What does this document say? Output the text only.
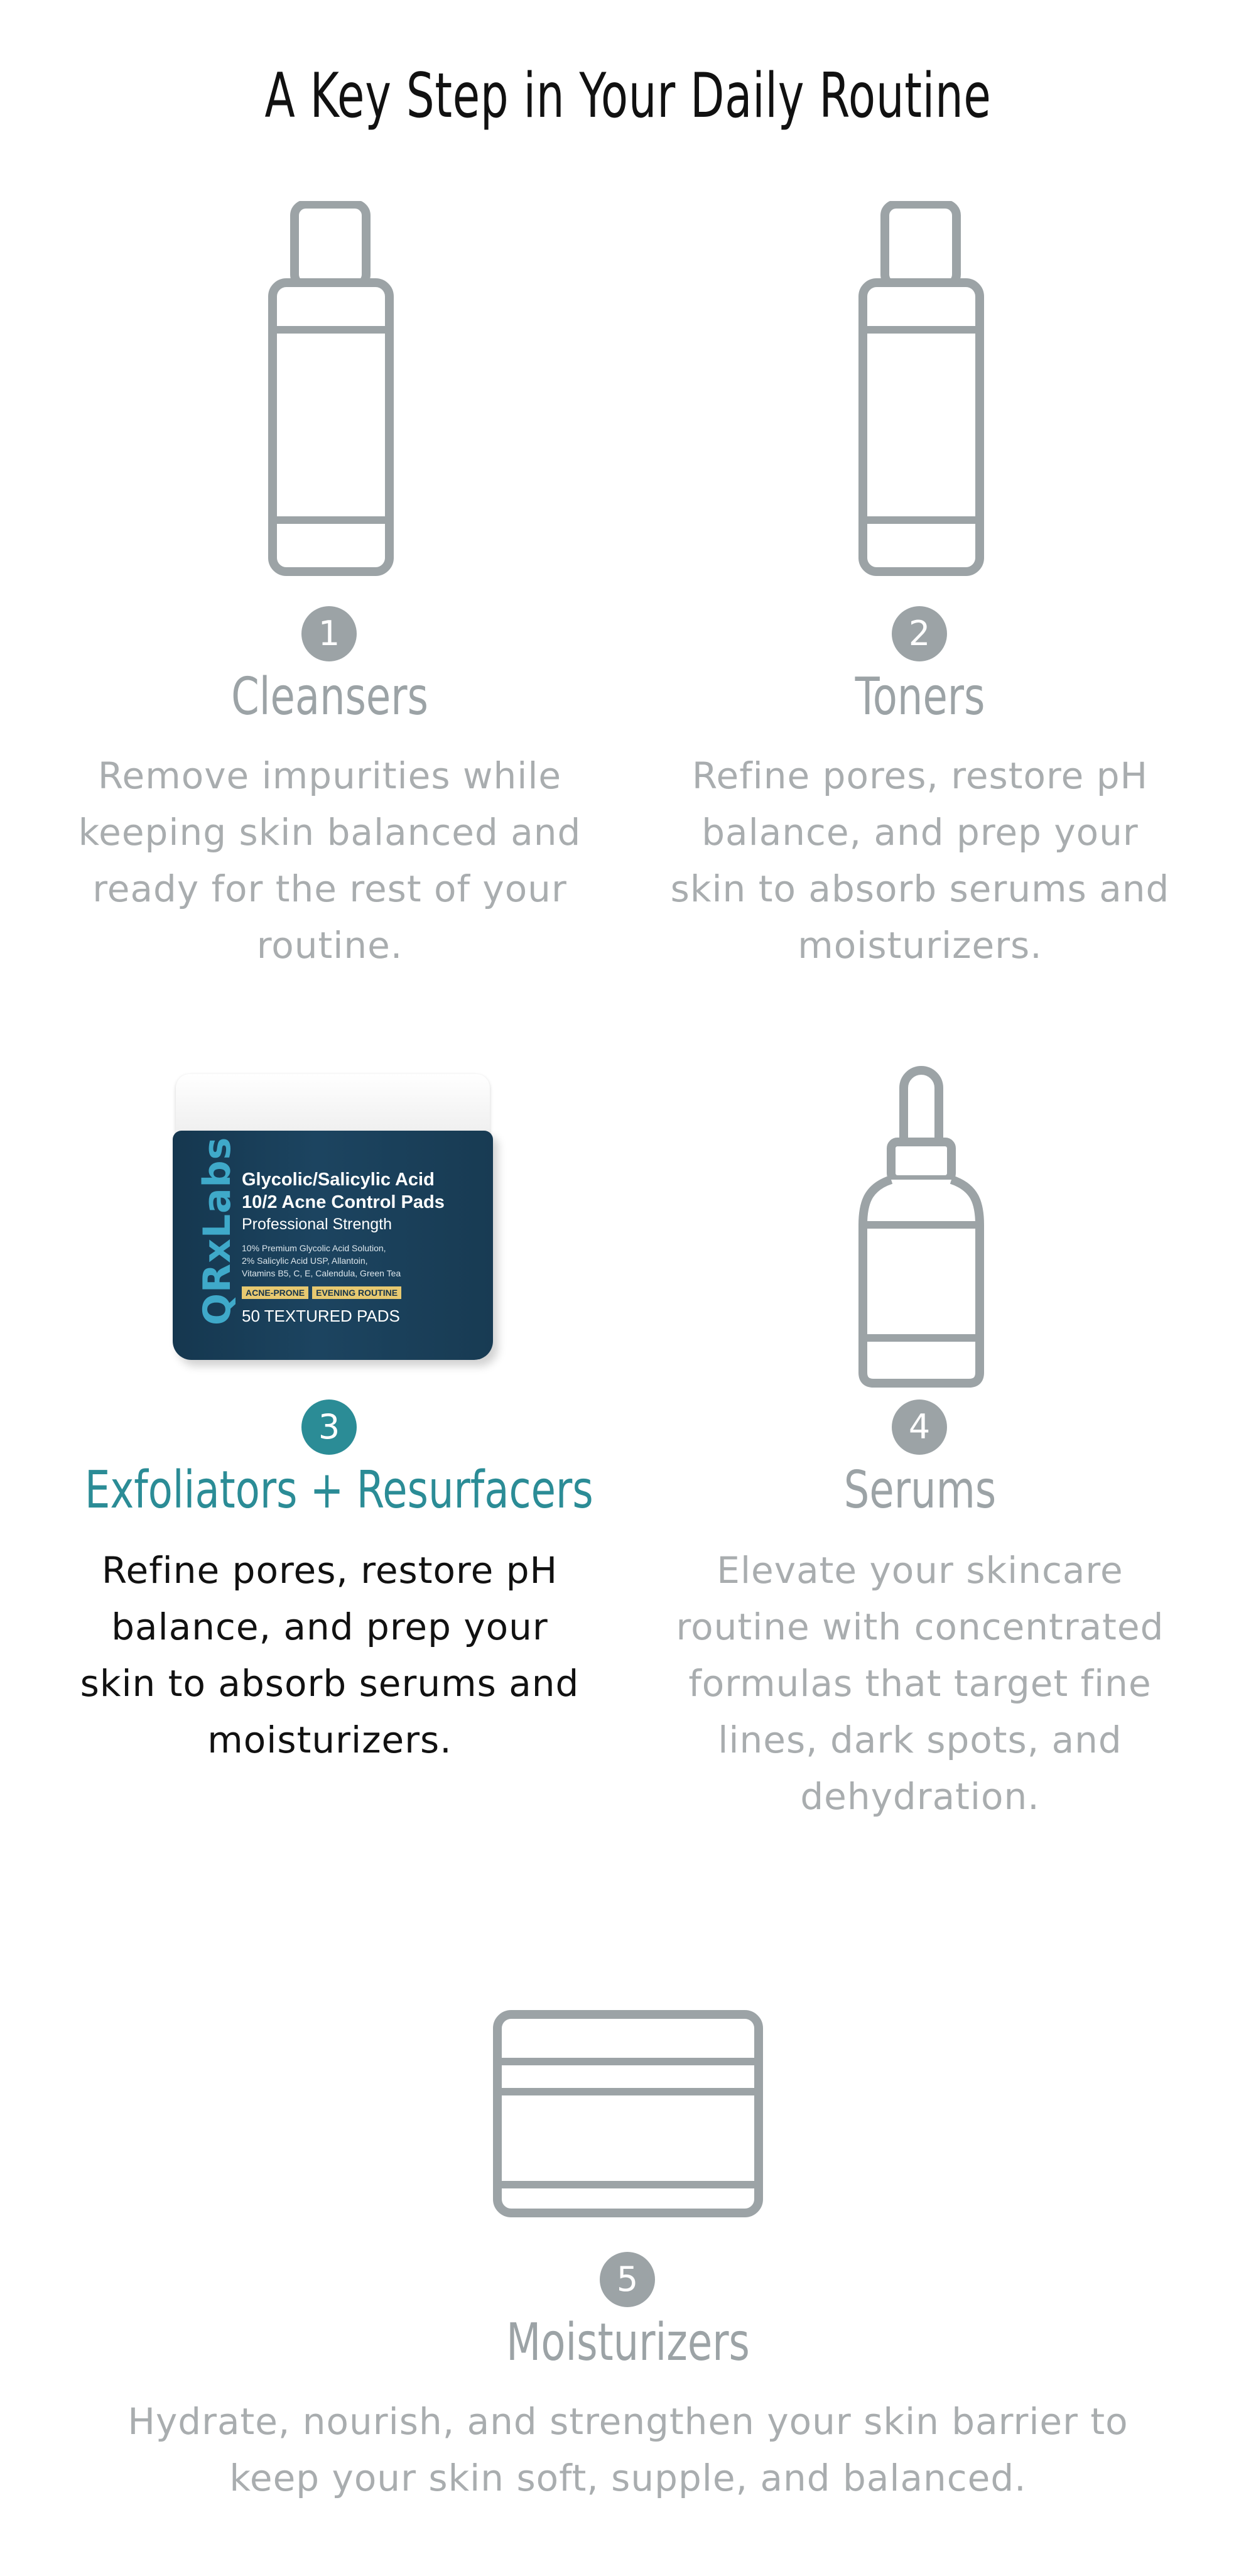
A Key Step in Your Daily Routine
1
Cleansers
Remove impurities while keeping skin balanced and ready for the rest of your routine.
2
Toners
Refine pores, restore pH balance, and prep your skin to absorb serums and moisturizers.
QRxLabs Glycolic/Salicylic Acid
10/2 Acne Control Pads
Professional Strength
10% Premium Glycolic Acid Solution,
2% Salicylic Acid USP, Allantoin,
Vitamins B5, C, E, Calendula, Green Tea
ACNE-PRONE	EVENING ROUTINE
50 TEXTURED PADS
3
Exfoliators + Resurfacers
Refine pores, restore pH balance, and prep your skin to absorb serums and moisturizers.
4
Serums
Elevate your skincare routine with concentrated formulas that target fine lines, dark spots, and dehydration.
5
Moisturizers
Hydrate, nourish, and strengthen your skin barrier to keep your skin soft, supple, and balanced.
